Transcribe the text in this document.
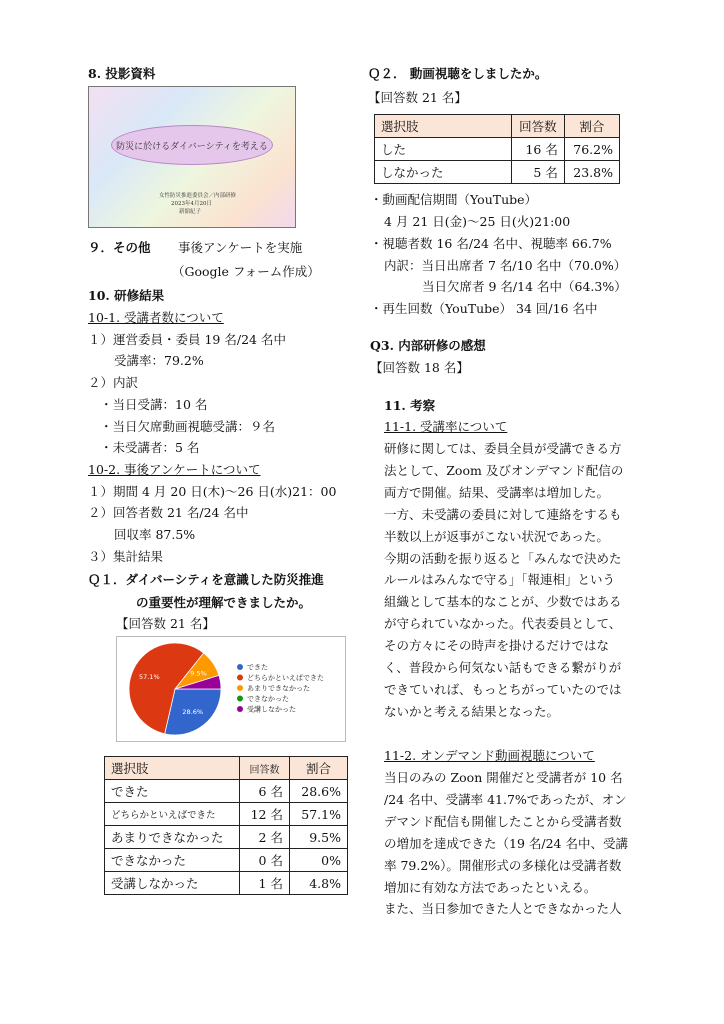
8. 投影資料
防災に於けるダイバーシティを考える
女性防災推進委員会／内部研修
2023年4月20日
新舘紀子
９．その他 事後アンケートを実施
（Google フォーム作成）
10. 研修結果
10-1. 受講者数について
１）運営委員・委員 19 名/24 名中
受講率：79.2%
２）内訳
・当日受講：10 名
・当日欠席動画視聴受講：９名
・未受講者：5 名
10-2. 事後アンケートについて
１）期間 4 月 20 日(木)〜26 日(水)21：00
２）回答者数 21 名/24 名中
回収率 87.5%
３）集計結果
Ｑ１．ダイバーシティを意識した防災推進
の重要性が理解できましたか。
【回答数 21 名】
28.6%
57.1%	9.5%
できた
どちらかといえばできた
あまりできなかった
できなかった
受講しなかった
選択肢	回答数	割合
できた	6 名	28.6%
どちらかといえばできた	12 名	57.1%
あまりできなかった	2 名	9.5%
できなかった	0 名	0%
受講しなかった	1 名	4.8%
Ｑ２． 動画視聴をしましたか。
【回答数 21 名】
選択肢	回答数	割合
した	16 名	76.2%
しなかった	5 名	23.8%
・動画配信期間（YouTube）
4 月 21 日(金)〜25 日(火)21:00
・視聴者数 16 名/24 名中、視聴率 66.7%
内訳：当日出席者 7 名/10 名中（70.0%）
当日欠席者 9 名/14 名中（64.3%）
・再生回数（YouTube） 34 回/16 名中
Q3. 内部研修の感想
【回答数 18 名】
11. 考察
11-1. 受講率について
研修に関しては、委員全員が受講できる方
法として、Zoom 及びオンデマンド配信の
両方で開催。結果、受講率は増加した。
一方、未受講の委員に対して連絡をするも
半数以上が返事がこない状況であった。
今期の活動を振り返ると「みんなで決めた
ルールはみんなで守る」「報連相」という
組織として基本的なことが、少数ではある
が守られていなかった。代表委員として、
その方々にその時声を掛けるだけではな
く、普段から何気ない話もできる繋がりが
できていれば、もっとちがっていたのでは
ないかと考える結果となった。
11-2. オンデマンド動画視聴について
当日のみの Zoon 開催だと受講者が 10 名
/24 名中、受講率 41.7%であったが、オン
デマンド配信も開催したことから受講者数
の増加を達成できた（19 名/24 名中、受講
率 79.2%）。開催形式の多様化は受講者数
増加に有効な方法であったといえる。
また、当日参加できた人とできなかった人
